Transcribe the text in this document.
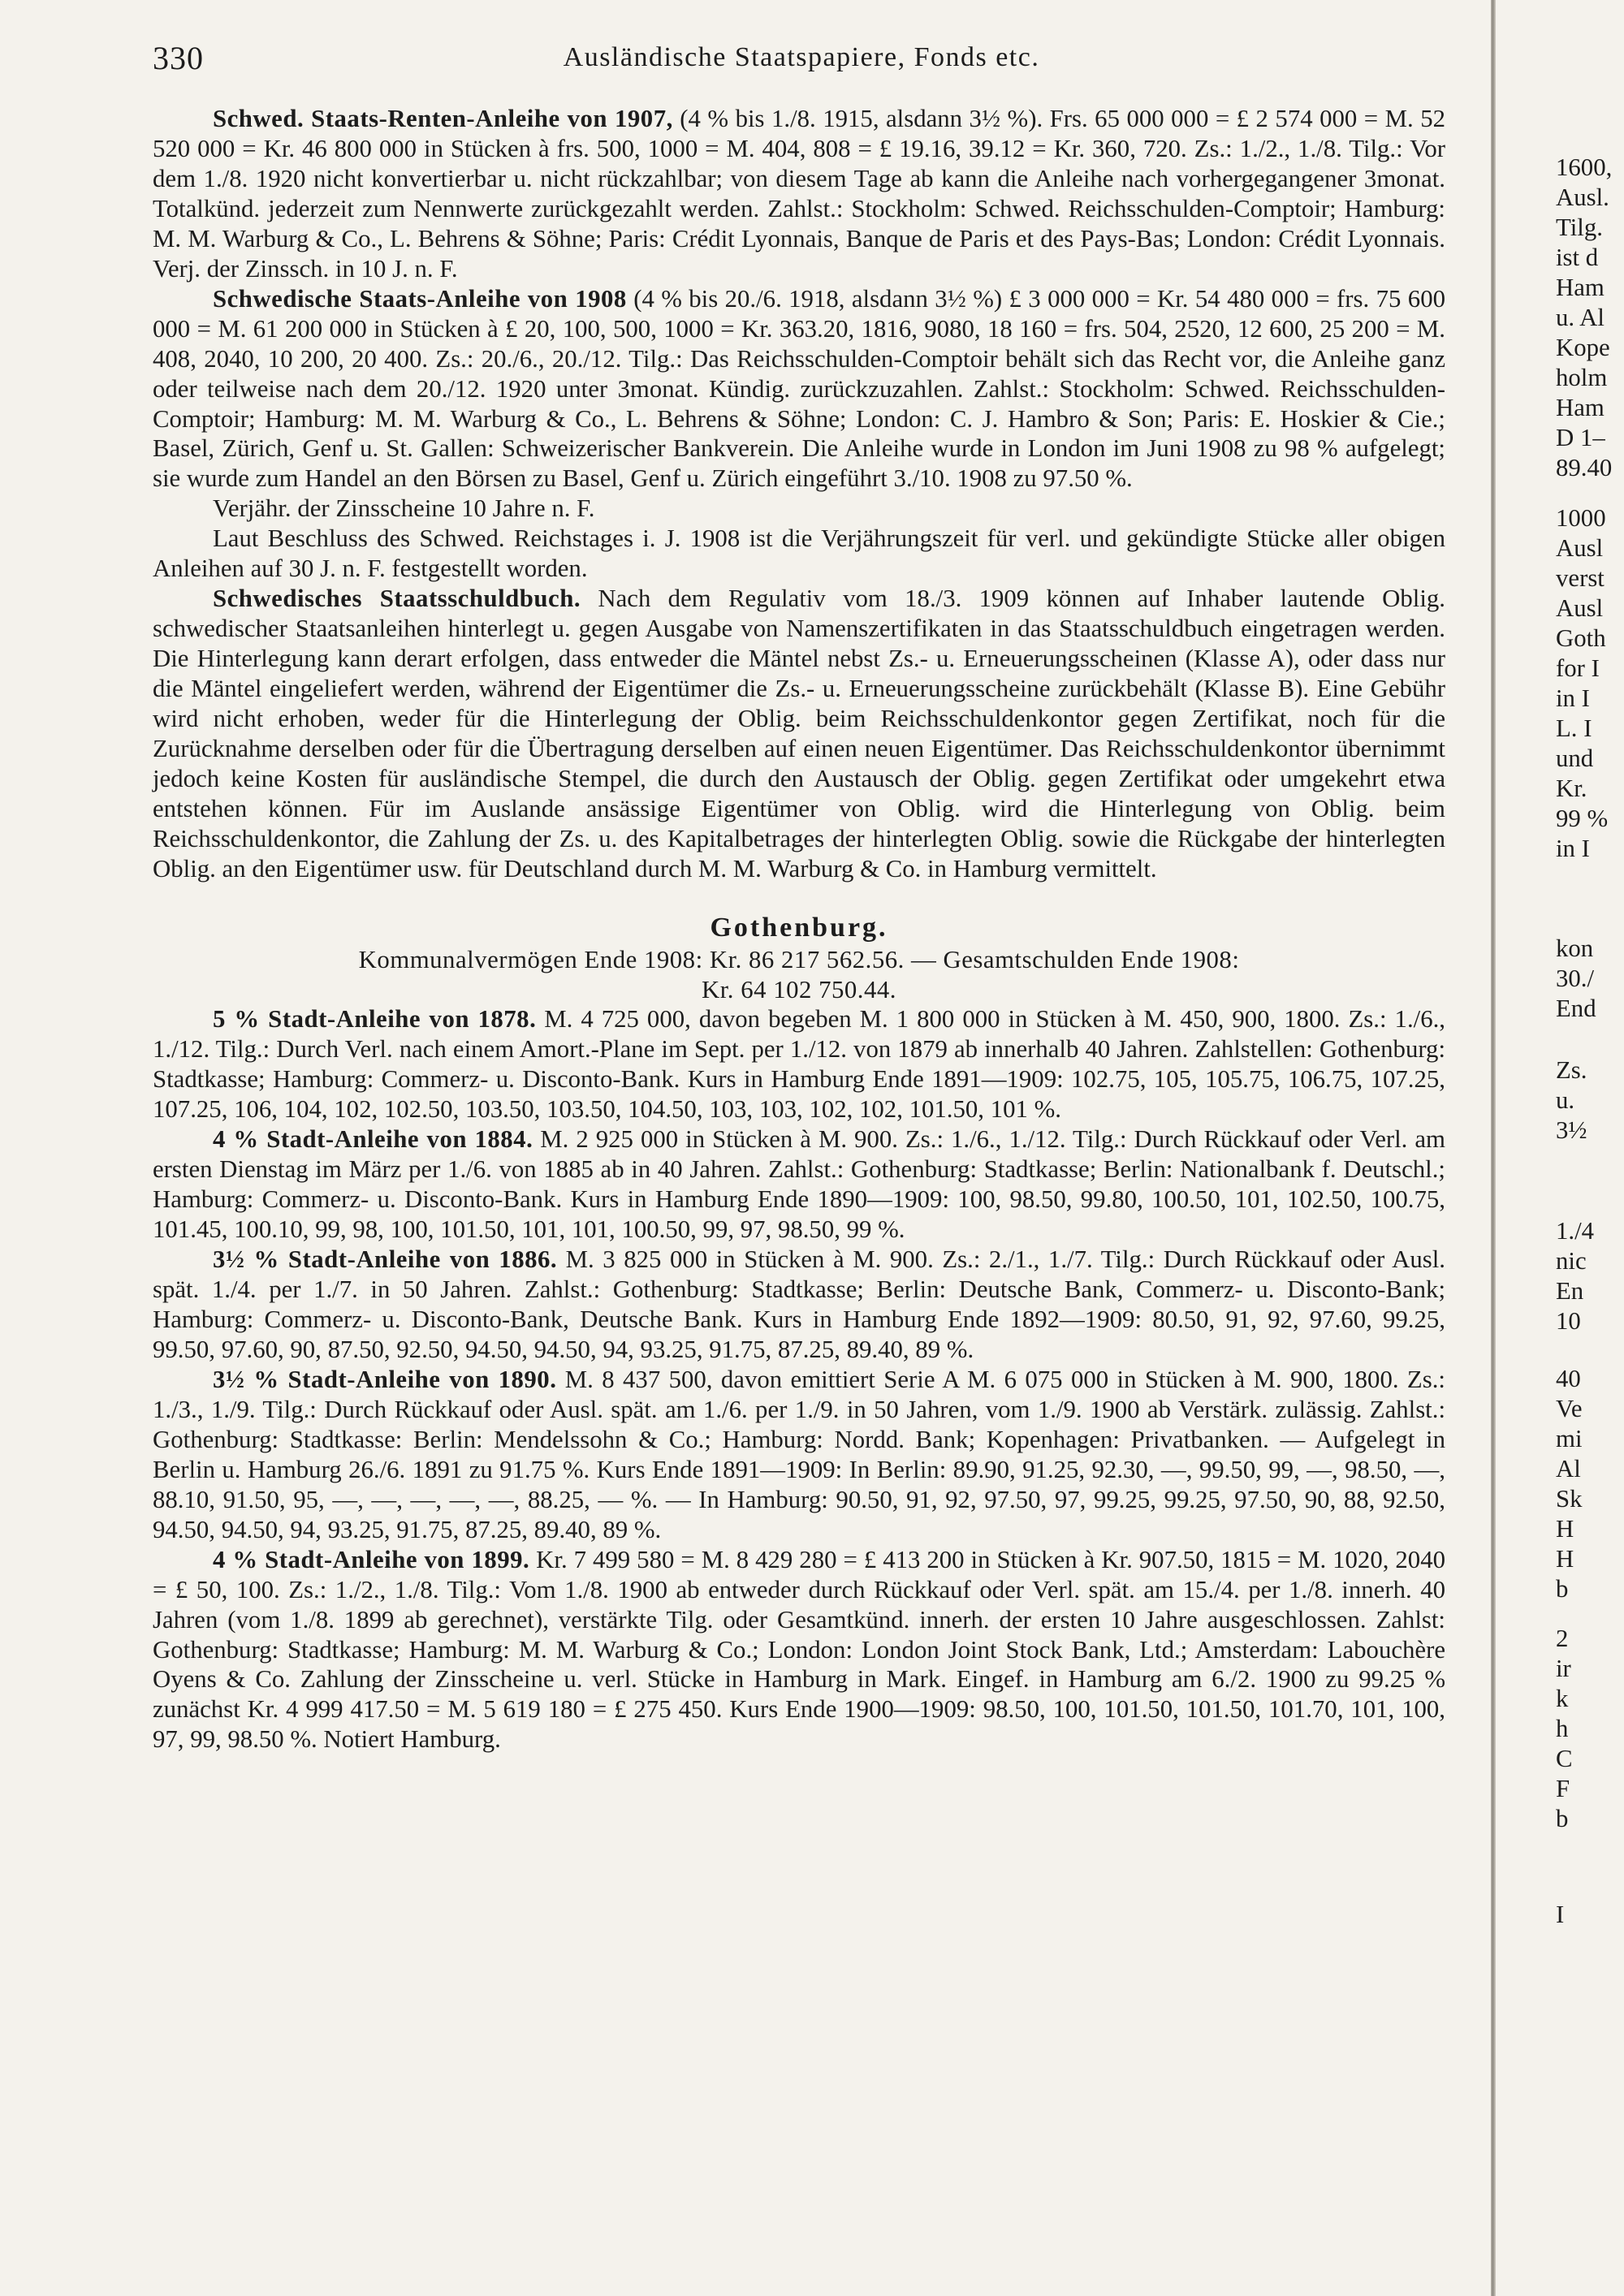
330	Ausländische Staatspapiere, Fonds etc.

Schwed. Staats-Renten-Anleihe von 1907, (4 % bis 1./8. 1915, alsdann 3½ %). Frs. 65 000 000 = £ 2 574 000 = M. 52 520 000 = Kr. 46 800 000 in Stücken à frs. 500, 1000 = M. 404, 808 = £ 19.16, 39.12 = Kr. 360, 720. Zs.: 1./2., 1./8. Tilg.: Vor dem 1./8. 1920 nicht konvertierbar u. nicht rückzahlbar; von diesem Tage ab kann die Anleihe nach vorhergegangener 3monat. Totalkünd. jederzeit zum Nennwerte zurückgezahlt werden. Zahlst.: Stockholm: Schwed. Reichsschulden-Comptoir; Hamburg: M. M. Warburg & Co., L. Behrens & Söhne; Paris: Crédit Lyonnais, Banque de Paris et des Pays-Bas; London: Crédit Lyonnais. Verj. der Zinssch. in 10 J. n. F.

Schwedische Staats-Anleihe von 1908 (4 % bis 20./6. 1918, alsdann 3½ %) £ 3 000 000 = Kr. 54 480 000 = frs. 75 600 000 = M. 61 200 000 in Stücken à £ 20, 100, 500, 1000 = Kr. 363.20, 1816, 9080, 18 160 = frs. 504, 2520, 12 600, 25 200 = M. 408, 2040, 10 200, 20 400. Zs.: 20./6., 20./12. Tilg.: Das Reichsschulden-Comptoir behält sich das Recht vor, die Anleihe ganz oder teilweise nach dem 20./12. 1920 unter 3monat. Kündig. zurückzuzahlen. Zahlst.: Stockholm: Schwed. Reichsschulden-Comptoir; Hamburg: M. M. Warburg & Co., L. Behrens & Söhne; London: C. J. Hambro & Son; Paris: E. Hoskier & Cie.; Basel, Zürich, Genf u. St. Gallen: Schweizerischer Bankverein. Die Anleihe wurde in London im Juni 1908 zu 98 % aufgelegt; sie wurde zum Handel an den Börsen zu Basel, Genf u. Zürich eingeführt 3./10. 1908 zu 97.50 %.

Verjähr. der Zinsscheine 10 Jahre n. F.

Laut Beschluss des Schwed. Reichstages i. J. 1908 ist die Verjährungszeit für verl. und gekündigte Stücke aller obigen Anleihen auf 30 J. n. F. festgestellt worden.

Schwedisches Staatsschuldbuch. Nach dem Regulativ vom 18./3. 1909 können auf Inhaber lautende Oblig. schwedischer Staatsanleihen hinterlegt u. gegen Ausgabe von Namenszertifikaten in das Staatsschuldbuch eingetragen werden. Die Hinterlegung kann derart erfolgen, dass entweder die Mäntel nebst Zs.- u. Erneuerungsscheinen (Klasse A), oder dass nur die Mäntel eingeliefert werden, während der Eigentümer die Zs.- u. Erneuerungsscheine zurückbehält (Klasse B). Eine Gebühr wird nicht erhoben, weder für die Hinterlegung der Oblig. beim Reichsschuldenkontor gegen Zertifikat, noch für die Zurücknahme derselben oder für die Übertragung derselben auf einen neuen Eigentümer. Das Reichsschuldenkontor übernimmt jedoch keine Kosten für ausländische Stempel, die durch den Austausch der Oblig. gegen Zertifikat oder umgekehrt etwa entstehen können. Für im Auslande ansässige Eigentümer von Oblig. wird die Hinterlegung von Oblig. beim Reichsschuldenkontor, die Zahlung der Zs. u. des Kapitalbetrages der hinterlegten Oblig. sowie die Rückgabe der hinterlegten Oblig. an den Eigentümer usw. für Deutschland durch M. M. Warburg & Co. in Hamburg vermittelt.

Gothenburg.

Kommunalvermögen Ende 1908: Kr. 86 217 562.56. — Gesamtschulden Ende 1908:

Kr. 64 102 750.44.

5 % Stadt-Anleihe von 1878. M. 4 725 000, davon begeben M. 1 800 000 in Stücken à M. 450, 900, 1800. Zs.: 1./6., 1./12. Tilg.: Durch Verl. nach einem Amort.-Plane im Sept. per 1./12. von 1879 ab innerhalb 40 Jahren. Zahlstellen: Gothenburg: Stadtkasse; Hamburg: Commerz- u. Disconto-Bank. Kurs in Hamburg Ende 1891—1909: 102.75, 105, 105.75, 106.75, 107.25, 107.25, 106, 104, 102, 102.50, 103.50, 103.50, 104.50, 103, 103, 102, 102, 101.50, 101 %.

4 % Stadt-Anleihe von 1884. M. 2 925 000 in Stücken à M. 900. Zs.: 1./6., 1./12. Tilg.: Durch Rückkauf oder Verl. am ersten Dienstag im März per 1./6. von 1885 ab in 40 Jahren. Zahlst.: Gothenburg: Stadtkasse; Berlin: Nationalbank f. Deutschl.; Hamburg: Commerz- u. Disconto-Bank. Kurs in Hamburg Ende 1890—1909: 100, 98.50, 99.80, 100.50, 101, 102.50, 100.75, 101.45, 100.10, 99, 98, 100, 101.50, 101, 101, 100.50, 99, 97, 98.50, 99 %.

3½ % Stadt-Anleihe von 1886. M. 3 825 000 in Stücken à M. 900. Zs.: 2./1., 1./7. Tilg.: Durch Rückkauf oder Ausl. spät. 1./4. per 1./7. in 50 Jahren. Zahlst.: Gothenburg: Stadtkasse; Berlin: Deutsche Bank, Commerz- u. Disconto-Bank; Hamburg: Commerz- u. Disconto-Bank, Deutsche Bank. Kurs in Hamburg Ende 1892—1909: 80.50, 91, 92, 97.60, 99.25, 99.50, 97.60, 90, 87.50, 92.50, 94.50, 94.50, 94, 93.25, 91.75, 87.25, 89.40, 89 %.

3½ % Stadt-Anleihe von 1890. M. 8 437 500, davon emittiert Serie A M. 6 075 000 in Stücken à M. 900, 1800. Zs.: 1./3., 1./9. Tilg.: Durch Rückkauf oder Ausl. spät. am 1./6. per 1./9. in 50 Jahren, vom 1./9. 1900 ab Verstärk. zulässig. Zahlst.: Gothenburg: Stadtkasse: Berlin: Mendelssohn & Co.; Hamburg: Nordd. Bank; Kopenhagen: Privatbanken. — Aufgelegt in Berlin u. Hamburg 26./6. 1891 zu 91.75 %. Kurs Ende 1891—1909: In Berlin: 89.90, 91.25, 92.30, —, 99.50, 99, —, 98.50, —, 88.10, 91.50, 95, —, —, —, —, —, 88.25, — %. — In Hamburg: 90.50, 91, 92, 97.50, 97, 99.25, 99.25, 97.50, 90, 88, 92.50, 94.50, 94.50, 94, 93.25, 91.75, 87.25, 89.40, 89 %.

4 % Stadt-Anleihe von 1899. Kr. 7 499 580 = M. 8 429 280 = £ 413 200 in Stücken à Kr. 907.50, 1815 = M. 1020, 2040 = £ 50, 100. Zs.: 1./2., 1./8. Tilg.: Vom 1./8. 1900 ab entweder durch Rückkauf oder Verl. spät. am 15./4. per 1./8. innerh. 40 Jahren (vom 1./8. 1899 ab gerechnet), verstärkte Tilg. oder Gesamtkünd. innerh. der ersten 10 Jahre ausgeschlossen. Zahlst: Gothenburg: Stadtkasse; Hamburg: M. M. Warburg & Co.; London: London Joint Stock Bank, Ltd.; Amsterdam: Labouchère Oyens & Co. Zahlung der Zinsscheine u. verl. Stücke in Hamburg in Mark. Eingef. in Hamburg am 6./2. 1900 zu 99.25 % zunächst Kr. 4 999 417.50 = M. 5 619 180 = £ 275 450. Kurs Ende 1900—1909: 98.50, 100, 101.50, 101.50, 101.70, 101, 100, 97, 99, 98.50 %. Notiert Hamburg.

1600,
Ausl.
Tilg.
ist d
Ham
u. Al
Kope
holm
Ham
D 1–
89.40
1000
Ausl
verst
Ausl
Goth
for I
in I
L. I
und
Kr.
99 %
in I
kon
30./
End
Zs.
u.
3½
1./4
nic
En
10
40
Ve
mi
Al
Sk
H
H
b
2
ir
k
h
C
F
b
I
